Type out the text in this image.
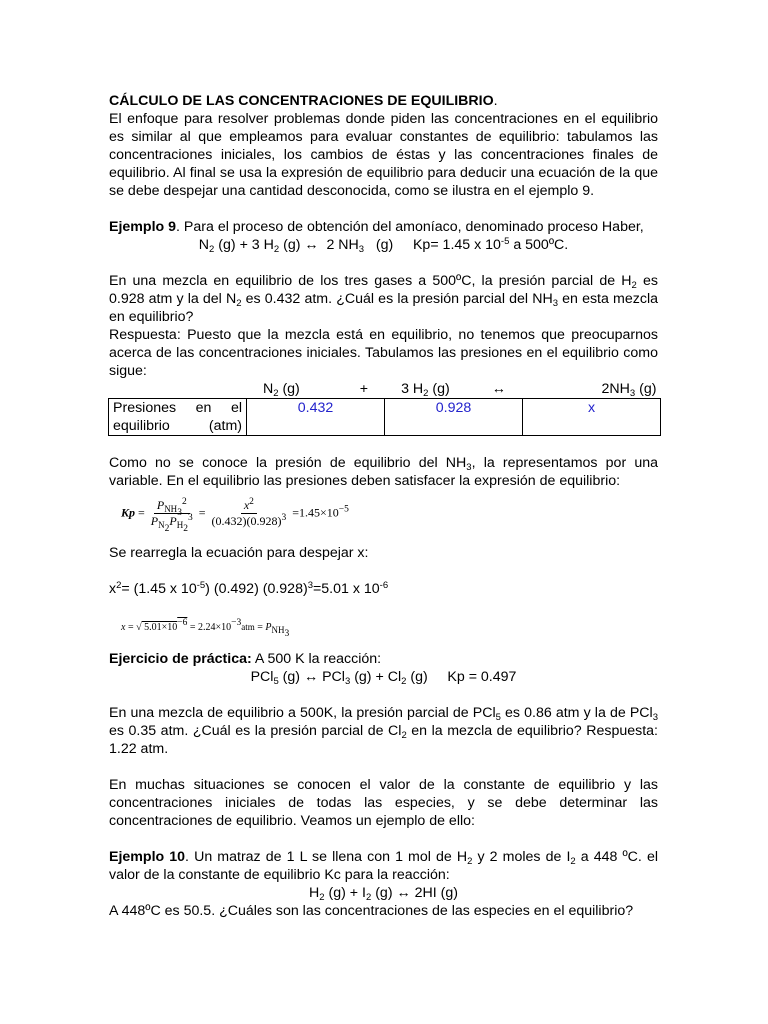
CÁLCULO DE LAS CONCENTRACIONES DE EQUILIBRIO.

El enfoque para resolver problemas donde piden las concentraciones en el equilibrio es similar al que empleamos para evaluar constantes de equilibrio: tabulamos las concentraciones iniciales, los cambios de éstas y las concentraciones finales de equilibrio. Al final se usa la expresión de equilibrio para deducir una ecuación de la que se debe despejar una cantidad desconocida, como se ilustra en el ejemplo 9.

Ejemplo 9. Para el proceso de obtención del amoníaco, denominado proceso Haber,

$N_2$ (g) + 3 $H_2$ (g) ↔  2 $NH_3$   (g)     Kp= 1.45 x $10^{-5}$ a 500ºC.

En una mezcla en equilibrio de los tres gases a 500ºC, la presión parcial de $H_2$ es 0.928 atm y la del $N_2$ es 0.432 atm. ¿Cuál es la presión parcial del $NH_3$ en esta mezcla en equilibrio?

Respuesta: Puesto que la mezcla está en equilibrio, no tenemos que preocuparnos acerca de las concentraciones iniciales. Tabulamos las presiones en el equilibrio como sigue:

	$N_2$ (g) +	3 $H_2$ (g) ↔	$2NH_3$ (g)
Presiones en el equilibrio (atm)	0.432	0.928	x

Como no se conoce la presión de equilibrio del $NH_3$, la representamos por una variable. En el equilibrio las presiones deben satisfacer la expresión de equilibrio:

$Kp = \frac{P_{NH_3}^2}{P_{N_2}P_{H_2}^3} = \frac{x^2}{(0.432)(0.928)^3} =1.45\times 10^{-5}$

Se rearregla la ecuación para despejar x:

$x^2= (1.45$ x $10^{-5}$) (0.492) $(0.928)^3=5.01$ x $10^{-6}$

x = √ $5.01\times 10^{-6} = 2.24\times 10^{-3}atm = P_{NH_3}$

Ejercicio de práctica: A 500 K la reacción:

PCl$_5$ (g) ↔ PCl$_3$ $(g) + Cl_2$ (g)     Kp = 0.497

En una mezcla de equilibrio a 500K, la presión parcial de PCl$_5$ es 0.86 atm y la de PCl$_3$ es 0.35 atm. ¿Cuál es la presión parcial de $Cl_2$ en la mezcla de equilibrio? Respuesta: 1.22 atm.

En muchas situaciones se conocen el valor de la constante de equilibrio y las concentraciones iniciales de todas las especies, y se debe determinar las concentraciones de equilibrio. Veamos un ejemplo de ello:

Ejemplo 10. Un matraz de 1 L se llena con 1 mol de $H_2$ y 2 moles de $I_2$ a 448 ºC. el valor de la constante de equilibrio Kc para la reacción:

$H_2$ $(g) + I_2$ (g) ↔ 2HI (g)

A 448ºC es 50.5. ¿Cuáles son las concentraciones de las especies en el equilibrio?
